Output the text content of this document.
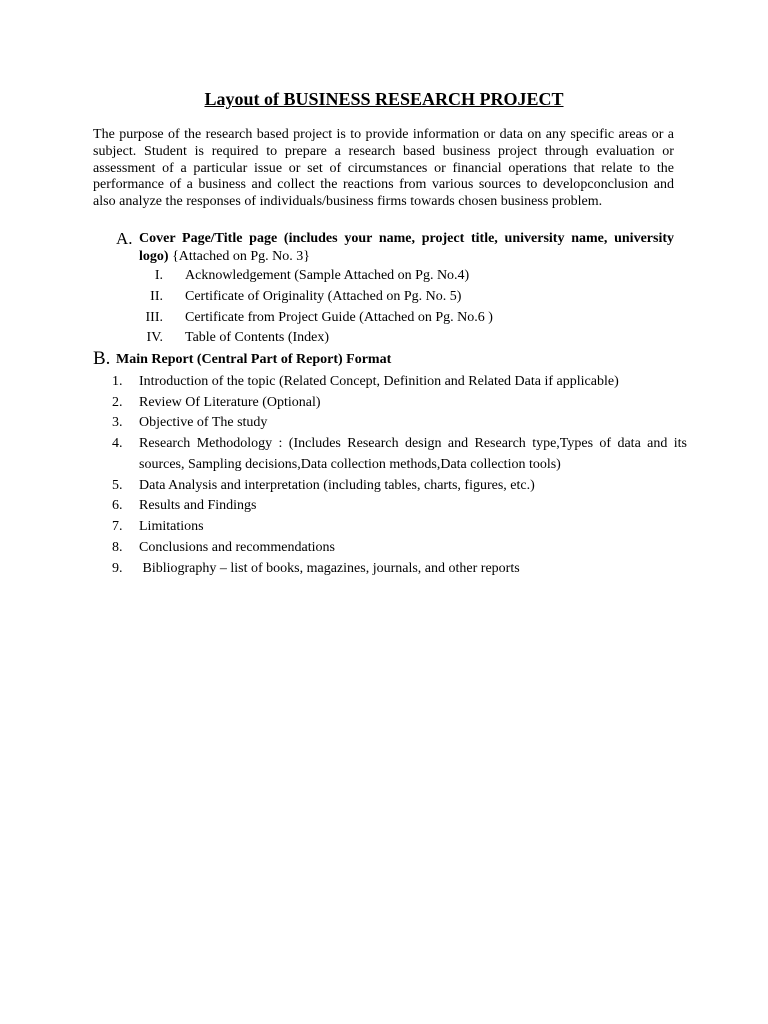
Layout of BUSINESS RESEARCH PROJECT

The purpose of the research based project is to provide information or data on any specific areas or a subject. Student is required to prepare a research based business project through evaluation or assessment of a particular issue or set of circumstances or financial operations that relate to the performance of a business and collect the reactions from various sources to developconclusion and also analyze the responses of individuals/business firms towards chosen business problem.

A. Cover Page/Title page (includes your name, project title, university name, university logo) {Attached on Pg. No. 3}

I. Acknowledgement (Sample Attached on Pg. No.4)
II. Certificate of Originality (Attached on Pg. No. 5)
III. Certificate from Project Guide (Attached on Pg. No.6 )
IV. Table of Contents (Index)
B. Main Report (Central Part of Report) Format
1. Introduction of the topic (Related Concept, Definition and Related Data if applicable)
2. Review Of Literature (Optional)
3. Objective of The study
4. Research Methodology : (Includes Research design and Research type,Types of data and its sources, Sampling decisions,Data collection methods,Data collection tools)
5. Data Analysis and interpretation (including tables, charts, figures, etc.)
6. Results and Findings
7. Limitations
8. Conclusions and recommendations
9. Bibliography – list of books, magazines, journals, and other reports
